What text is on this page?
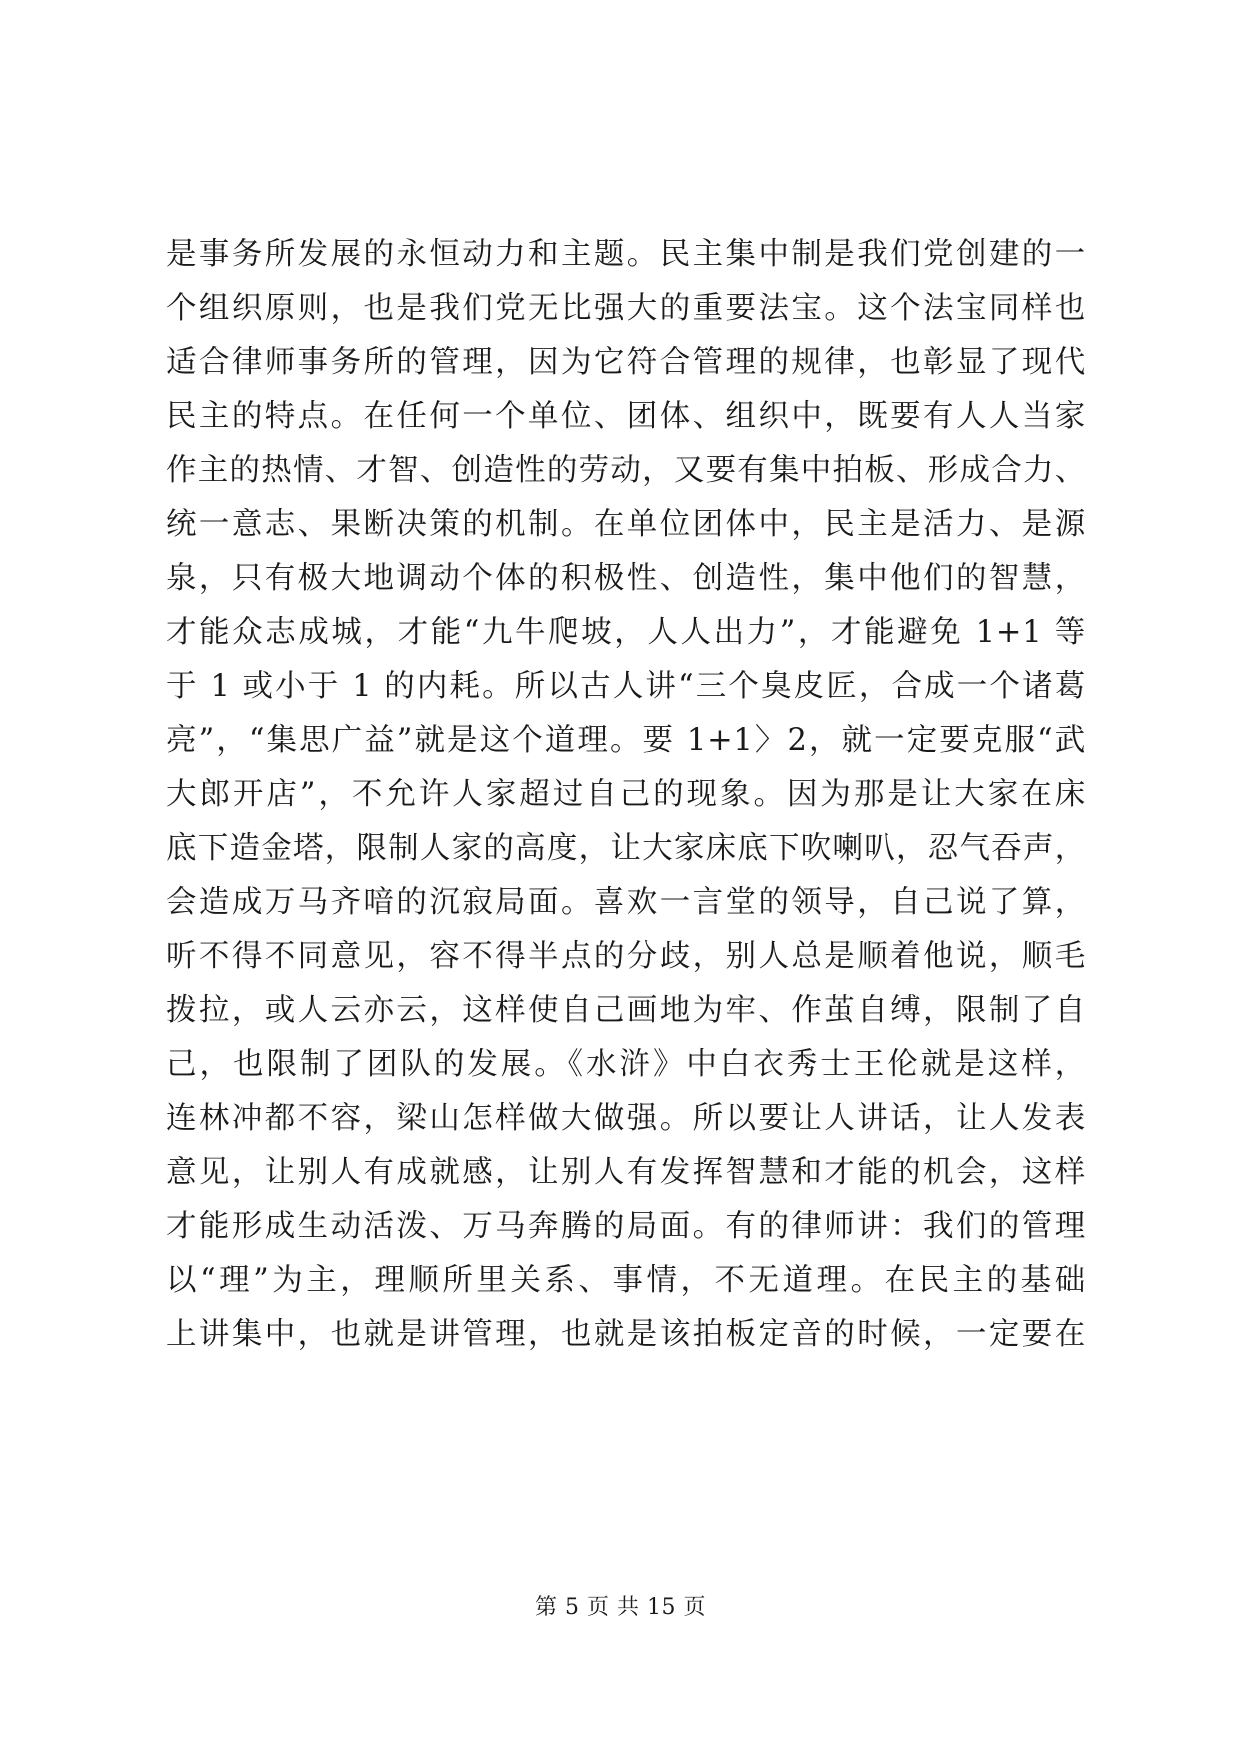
是事务所发展的永恒动力和主题。民主集中制是我们党创建的一
个组织原则，也是我们党无比强大的重要法宝。这个法宝同样也
适合律师事务所的管理，因为它符合管理的规律，也彰显了现代
民主的特点。在任何一个单位、团体、组织中，既要有人人当家
作主的热情、才智、创造性的劳动，又要有集中拍板、形成合力、
统一意志、果断决策的机制。在单位团体中，民主是活力、是源
泉，只有极大地调动个体的积极性、创造性，集中他们的智慧，
才能众志成城，才能“九牛爬坡，人人出力”，才能避免 1+1 等
于 1 或小于 1 的内耗。所以古人讲“三个臭皮匠，合成一个诸葛
亮”，“集思广益”就是这个道理。要 1+1〉2，就一定要克服“武
大郎开店”，不允许人家超过自己的现象。因为那是让大家在床
底下造金塔，限制人家的高度，让大家床底下吹喇叭，忍气吞声，
会造成万马齐喑的沉寂局面。喜欢一言堂的领导，自己说了算，
听不得不同意见，容不得半点的分歧，别人总是顺着他说，顺毛
拨拉，或人云亦云，这样使自己画地为牢、作茧自缚，限制了自
己，也限制了团队的发展。《水浒》中白衣秀士王伦就是这样，
连林冲都不容，梁山怎样做大做强。所以要让人讲话，让人发表
意见，让别人有成就感，让别人有发挥智慧和才能的机会，这样
才能形成生动活泼、万马奔腾的局面。有的律师讲：我们的管理
以“理”为主，理顺所里关系、事情，不无道理。在民主的基础
上讲集中，也就是讲管理，也就是该拍板定音的时候，一定要在
第 5 页 共 15 页
